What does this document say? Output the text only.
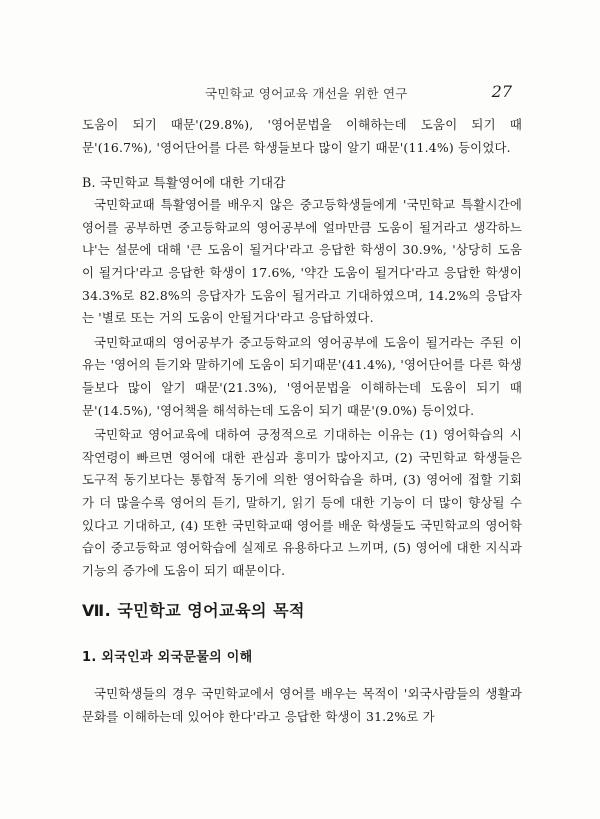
국민학교 영어교육 개선을 위한 연구	27

도움이 되기 때문'(29.8%), '영어문법을 이해하는데 도움이 되기 때문'(16.7%), '영어단어를 다른 학생들보다 많이 알기 때문'(11.4%) 등이었다.

B. 국민학교 특활영어에 대한 기대감

국민학교때 특활영어를 배우지 않은 중고등학생들에게 '국민학교 특활시간에 영어를 공부하면 중고등학교의 영어공부에 얼마만큼 도움이 될거라고 생각하느냐'는 설문에 대해 '큰 도움이 될거다'라고 응답한 학생이 30.9%, '상당히 도움이 될거다'라고 응답한 학생이 17.6%, '약간 도움이 될거다'라고 응답한 학생이 34.3%로 82.8%의 응답자가 도움이 될거라고 기대하였으며, 14.2%의 응답자는 '별로 또는 거의 도움이 안될거다'라고 응답하였다.

국민학교때의 영어공부가 중고등학교의 영어공부에 도움이 될거라는 주된 이유는 '영어의 듣기와 말하기에 도움이 되기때문'(41.4%), '영어단어를 다른 학생들보다 많이 알기 때문'(21.3%), '영어문법을 이해하는데 도움이 되기 때문'(14.5%), '영어책을 해석하는데 도움이 되기 때문'(9.0%) 등이었다.

국민학교 영어교육에 대하여 긍정적으로 기대하는 이유는 (1) 영어학습의 시작연령이 빠르면 영어에 대한 관심과 흥미가 많아지고, (2) 국민학교 학생들은 도구적 동기보다는 통합적 동기에 의한 영어학습을 하며, (3) 영어에 접할 기회가 더 많을수록 영어의 듣기, 말하기, 읽기 등에 대한 기능이 더 많이 향상될 수 있다고 기대하고, (4) 또한 국민학교때 영어를 배운 학생들도 국민학교의 영어학습이 중고등학교 영어학습에 실제로 유용하다고 느끼며, (5) 영어에 대한 지식과 기능의 증가에 도움이 되기 때문이다.

Ⅶ. 국민학교 영어교육의 목적

1. 외국인과 외국문물의 이해

국민학생들의 경우 국민학교에서 영어를 배우는 목적이 '외국사람들의 생활과 문화를 이해하는데 있어야 한다'라고 응답한 학생이 31.2%로 가
